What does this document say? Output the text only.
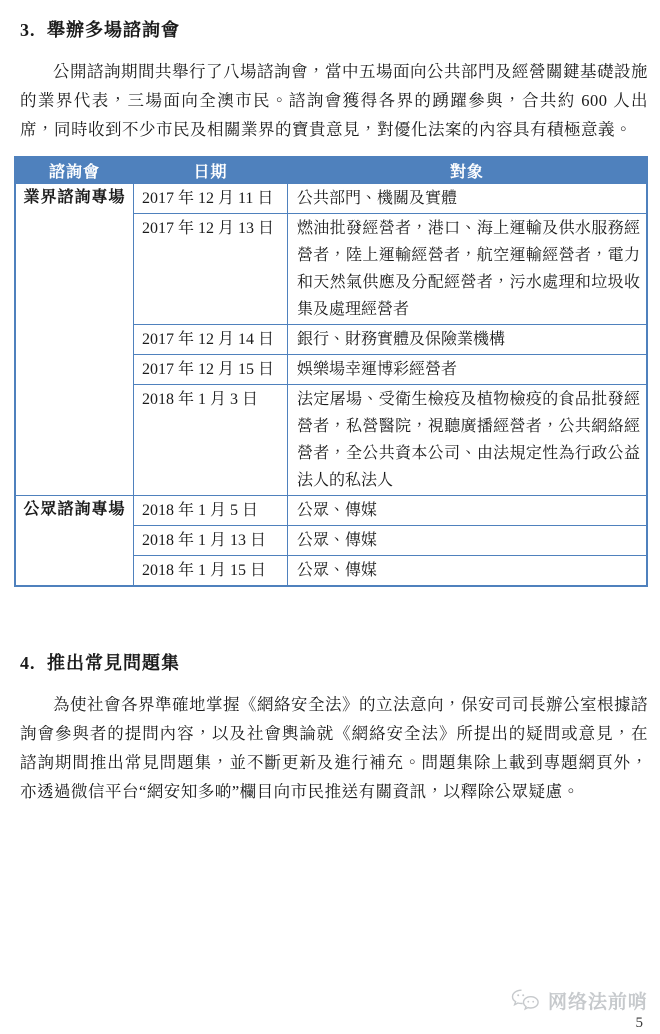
3. 舉辦多場諮詢會

公開諮詢期間共舉行了八場諮詢會，當中五場面向公共部門及經營關鍵基礎設施的業界代表，三場面向全澳市民。諮詢會獲得各界的踴躍參與，合共約 600 人出席，同時收到不少市民及相關業界的寶貴意見，對優化法案的內容具有積極意義。

諮詢會	日期	對象
業界諮詢專場	2017 年 12 月 11 日	公共部門、機關及實體
	2017 年 12 月 13 日	燃油批發經營者，港口、海上運輸及供水服務經營者，陸上運輸經營者，航空運輸經營者，電力和天然氣供應及分配經營者，污水處理和垃圾收集及處理經營者
	2017 年 12 月 14 日	銀行、財務實體及保險業機構
	2017 年 12 月 15 日	娛樂場幸運博彩經營者
	2018 年 1 月 3 日	法定屠場、受衛生檢疫及植物檢疫的食品批發經營者，私營醫院，視聽廣播經營者，公共網絡經營者，全公共資本公司、由法規定性為行政公益法人的私法人
公眾諮詢專場	2018 年 1 月 5 日	公眾、傳媒
	2018 年 1 月 13 日	公眾、傳媒
	2018 年 1 月 15 日	公眾、傳媒
4. 推出常見問題集

為使社會各界準確地掌握《網絡安全法》的立法意向，保安司司長辦公室根據諮詢會參與者的提問內容，以及社會輿論就《網絡安全法》所提出的疑問或意見，在諮詢期間推出常見問題集，並不斷更新及進行補充。問題集除上載到專題網頁外，亦透過微信平台“網安知多啲”欄目向市民推送有關資訊，以釋除公眾疑慮。

网络法前哨
5
